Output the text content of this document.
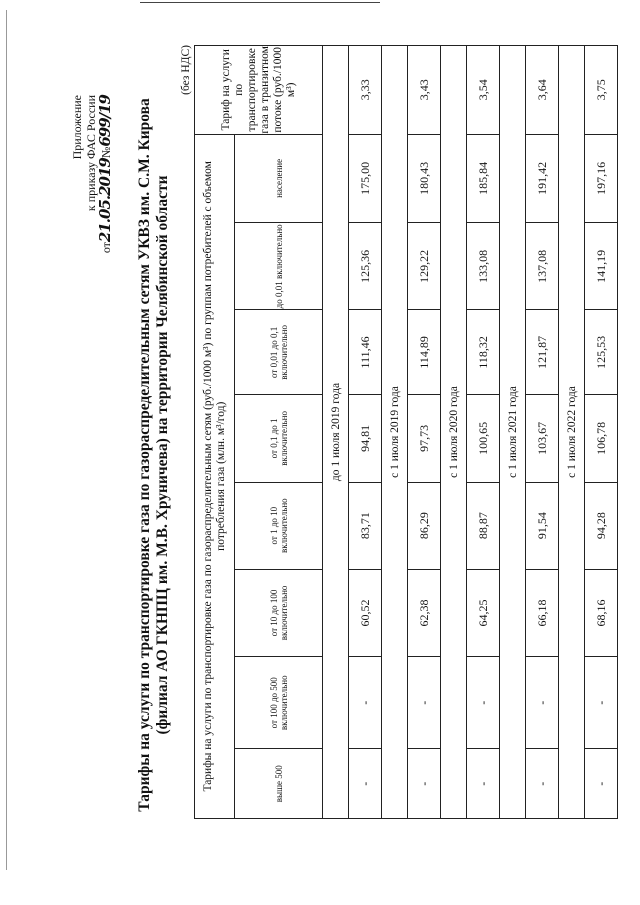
Приложение к приказу ФАС России
от21.05.2019№699/19 Тарифы на услуги по транспортировке газа по газораспределительным сетям УКВЗ им. С.М. Кирова (филиал АО ГКНПЦ им. М.В. Хруничева) на территории Челябинской области
(без НДС)
Тарифы на услуги по транспортировке газа по газораспределительным сетям (руб./1000 м³) по группам потребителей с объемом потребления газа (млн. м³/год)								Тариф на услуги по транспортировке газа в транзитном потоке (руб./1000 м³)
выше 500	от 100 до 500 включительно	от 10 до 100 включительно	от 1 до 10 включительно	от 0,1 до 1 включительно	от 0,01 до 0,1 включительно	до 0,01 включительно	население	
до 1 июля 2019 года								
-	-	60,52	83,71	94,81	111,46	125,36	175,00	3,33
с 1 июля 2019 года								
-	-	62,38	86,29	97,73	114,89	129,22	180,43	3,43
с 1 июля 2020 года								
-	-	64,25	88,87	100,65	118,32	133,08	185,84	3,54
с 1 июля 2021 года								
-	-	66,18	91,54	103,67	121,87	137,08	191,42	3,64
с 1 июля 2022 года								
-	-	68,16	94,28	106,78	125,53	141,19	197,16	3,75
